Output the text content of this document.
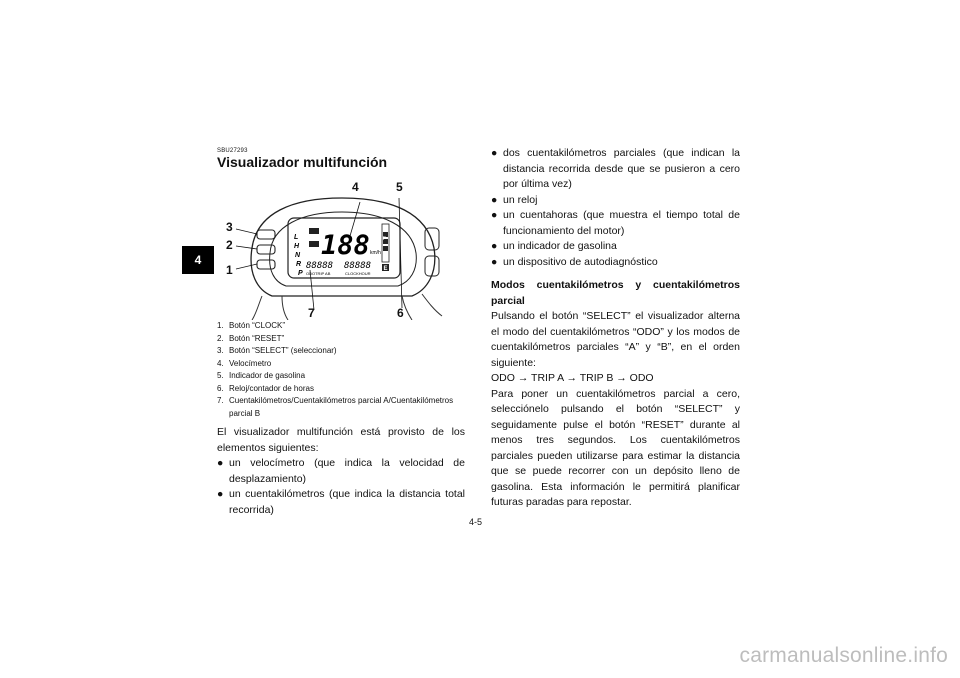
4
SBU27293
Visualizador multifunción
L
H
N
R
P
188 km/h
F
E
88888 88888
ODOTRIP AB	CLOCKHOUR
4	5
3
2
1
7	6
1. Botón “CLOCK”
2. Botón “RESET”
3. Botón “SELECT” (seleccionar)
4. Velocímetro
5. Indicador de gasolina
6. Reloj/contador de horas
7. Cuentakilómetros/Cuentakilómetros parcial A/Cuentakilómetros parcial B

El visualizador multifunción está provisto de los elementos siguientes:

● un velocímetro (que indica la velocidad de desplazamiento)
● un cuentakilómetros (que indica la distancia total recorrida)
● dos cuentakilómetros parciales (que indican la distancia recorrida desde que se pusieron a cero por última vez)
● un reloj
● un cuentahoras (que muestra el tiempo total de funcionamiento del motor)
● un indicador de gasolina
● un dispositivo de autodiagnóstico

Modos cuentakilómetros y cuentakilómetros parcial

Pulsando el botón “SELECT” el visualizador alterna el modo del cuentakilómetros “ODO” y los modos de cuentakilómetros parciales “A” y “B”, en el orden siguiente:

ODO → TRIP A → TRIP B → ODO

Para poner un cuentakilómetros parcial a cero, selecciónelo pulsando el botón “SELECT” y seguidamente pulse el botón “RESET” durante al menos tres segundos. Los cuentakilómetros parciales pueden utilizarse para estimar la distancia que se puede recorrer con un depósito lleno de gasolina. Esta información le permitirá planificar futuras paradas para repostar.

4-5
carmanualsonline.info
